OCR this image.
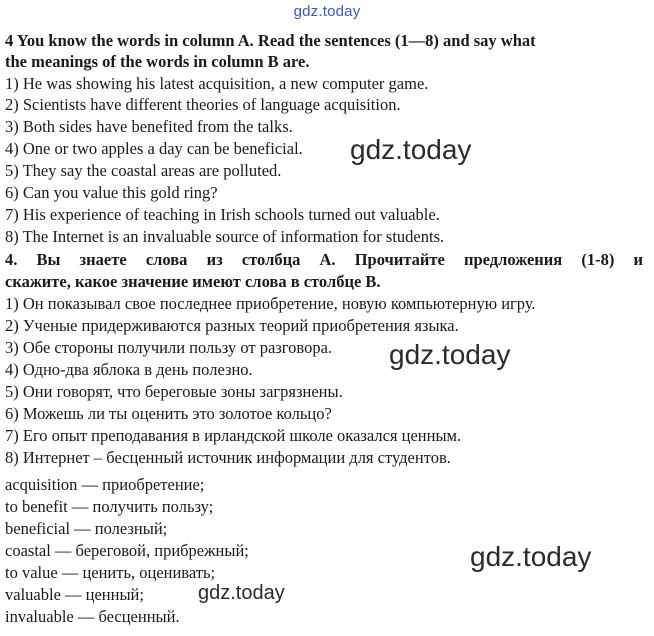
gdz.today
4 You know the words in column A. Read the sentences (1—8) and say what
the meanings of the words in column B are.
1) He was showing his latest acquisition, a new computer game.
2) Scientists have different theories of language acquisition.
3) Both sides have benefited from the talks.
4) One or two apples a day can be beneficial.
5) They say the coastal areas are polluted.
6) Can you value this gold ring?
7) His experience of teaching in Irish schools turned out valuable.
8) The Internet is an invaluable source of information for students.
4. Вы знаете слова из столбца А. Прочитайте предложения (1-8) и
скажите, какое значение имеют слова в столбце В.
1) Он показывал свое последнее приобретение, новую компьютерную игру.
2) Ученые придерживаются разных теорий приобретения языка.
3) Обе стороны получили пользу от разговора.
4) Одно-два яблока в день полезно.
5) Они говорят, что береговые зоны загрязнены.
6) Можешь ли ты оценить это золотое кольцо?
7) Его опыт преподавания в ирландской школе оказался ценным.
8) Интернет – бесценный источник информации для студентов.
acquisition — приобретение;
to benefit — получить пользу;
beneficial — полезный;
coastal — береговой, прибрежный;
to value — ценить, оценивать;
valuable — ценный;
invaluable — бесценный.
gdz.today
gdz.today
gdz.today
gdz.today
